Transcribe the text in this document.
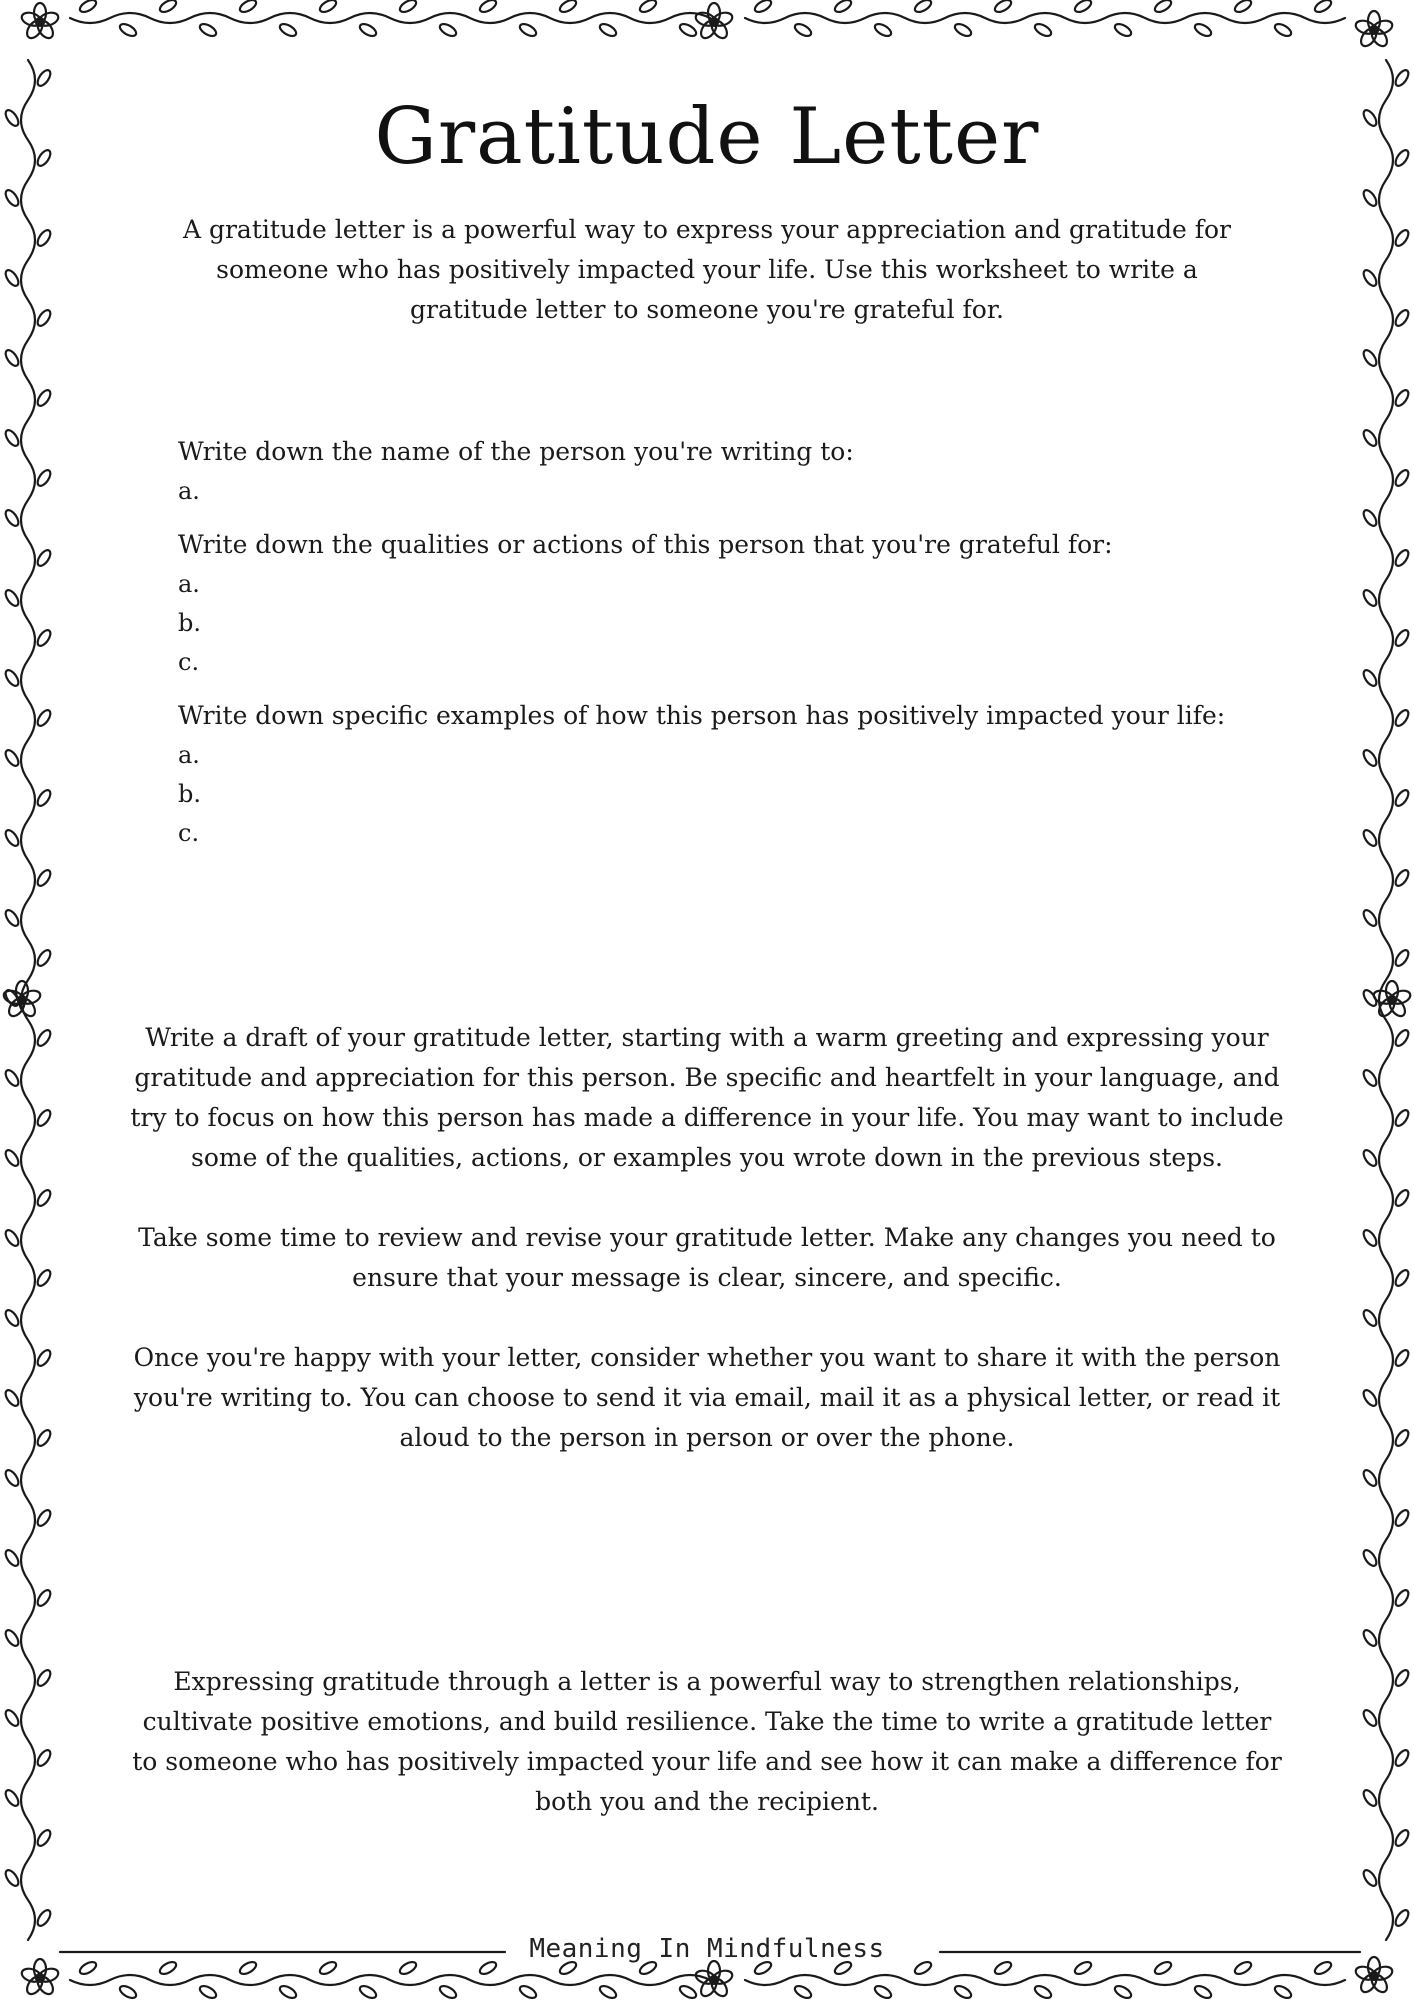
Gratitude Letter

A gratitude letter is a powerful way to express your appreciation and gratitude for someone who has positively impacted your life. Use this worksheet to write a gratitude letter to someone you're grateful for.

Write down the name of the person you're writing to:
a.
Write down the qualities or actions of this person that you're grateful for:
a.
b.
c.
Write down specific examples of how this person has positively impacted your life:
a.
b.
c.

Write a draft of your gratitude letter, starting with a warm greeting and expressing your gratitude and appreciation for this person. Be specific and heartfelt in your language, and try to focus on how this person has made a difference in your life. You may want to include some of the qualities, actions, or examples you wrote down in the previous steps.

Take some time to review and revise your gratitude letter. Make any changes you need to ensure that your message is clear, sincere, and specific.

Once you're happy with your letter, consider whether you want to share it with the person you're writing to. You can choose to send it via email, mail it as a physical letter, or read it aloud to the person in person or over the phone.

Expressing gratitude through a letter is a powerful way to strengthen relationships, cultivate positive emotions, and build resilience. Take the time to write a gratitude letter to someone who has positively impacted your life and see how it can make a difference for both you and the recipient.

Meaning In Mindfulness
